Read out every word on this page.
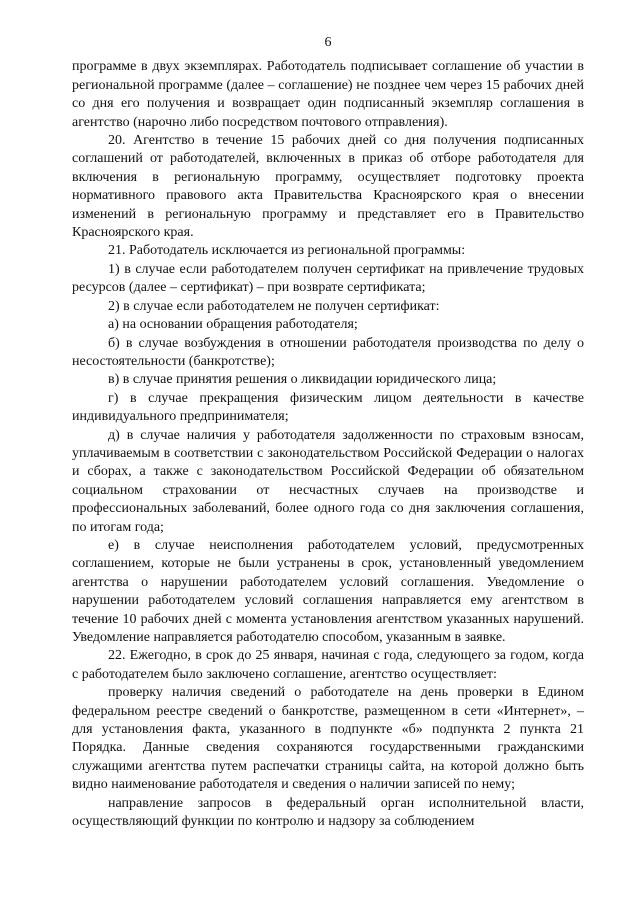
6

программе в двух экземплярах. Работодатель подписывает соглашение об участии в региональной программе (далее – соглашение) не позднее чем через 15 рабочих дней со дня его получения и возвращает один подписанный экземпляр соглашения в агентство (нарочно либо посредством почтового отправления).

20. Агентство в течение 15 рабочих дней со дня получения подписанных соглашений от работодателей, включенных в приказ об отборе работодателя для включения в региональную программу, осуществляет подготовку проекта нормативного правового акта Правительства Красноярского края о внесении изменений в региональную программу и представляет его в Правительство Красноярского края.

21. Работодатель исключается из региональной программы:

1) в случае если работодателем получен сертификат на привлечение трудовых ресурсов (далее – сертификат) – при возврате сертификата;

2) в случае если работодателем не получен сертификат:

а) на основании обращения работодателя;

б) в случае возбуждения в отношении работодателя производства по делу о несостоятельности (банкротстве);

в) в случае принятия решения о ликвидации юридического лица;

г) в случае прекращения физическим лицом деятельности в качестве индивидуального предпринимателя;

д) в случае наличия у работодателя задолженности по страховым взносам, уплачиваемым в соответствии с законодательством Российской Федерации о налогах и сборах, а также с законодательством Российской Федерации об обязательном социальном страховании от несчастных случаев на производстве и профессиональных заболеваний, более одного года со дня заключения соглашения, по итогам года;

е) в случае неисполнения работодателем условий, предусмотренных соглашением, которые не были устранены в срок, установленный уведомлением агентства о нарушении работодателем условий соглашения. Уведомление о нарушении работодателем условий соглашения направляется ему агентством в течение 10 рабочих дней с момента установления агентством указанных нарушений. Уведомление направляется работодателю способом, указанным в заявке.

22. Ежегодно, в срок до 25 января, начиная с года, следующего за годом, когда с работодателем было заключено соглашение, агентство осуществляет:

проверку наличия сведений о работодателе на день проверки в Едином федеральном реестре сведений о банкротстве, размещенном в сети «Интернет», – для установления факта, указанного в подпункте «б» подпункта 2 пункта 21 Порядка. Данные сведения сохраняются государственными гражданскими служащими агентства путем распечатки страницы сайта, на которой должно быть видно наименование работодателя и сведения о наличии записей по нему;

направление запросов в федеральный орган исполнительной власти, осуществляющий функции по контролю и надзору за соблюдением
